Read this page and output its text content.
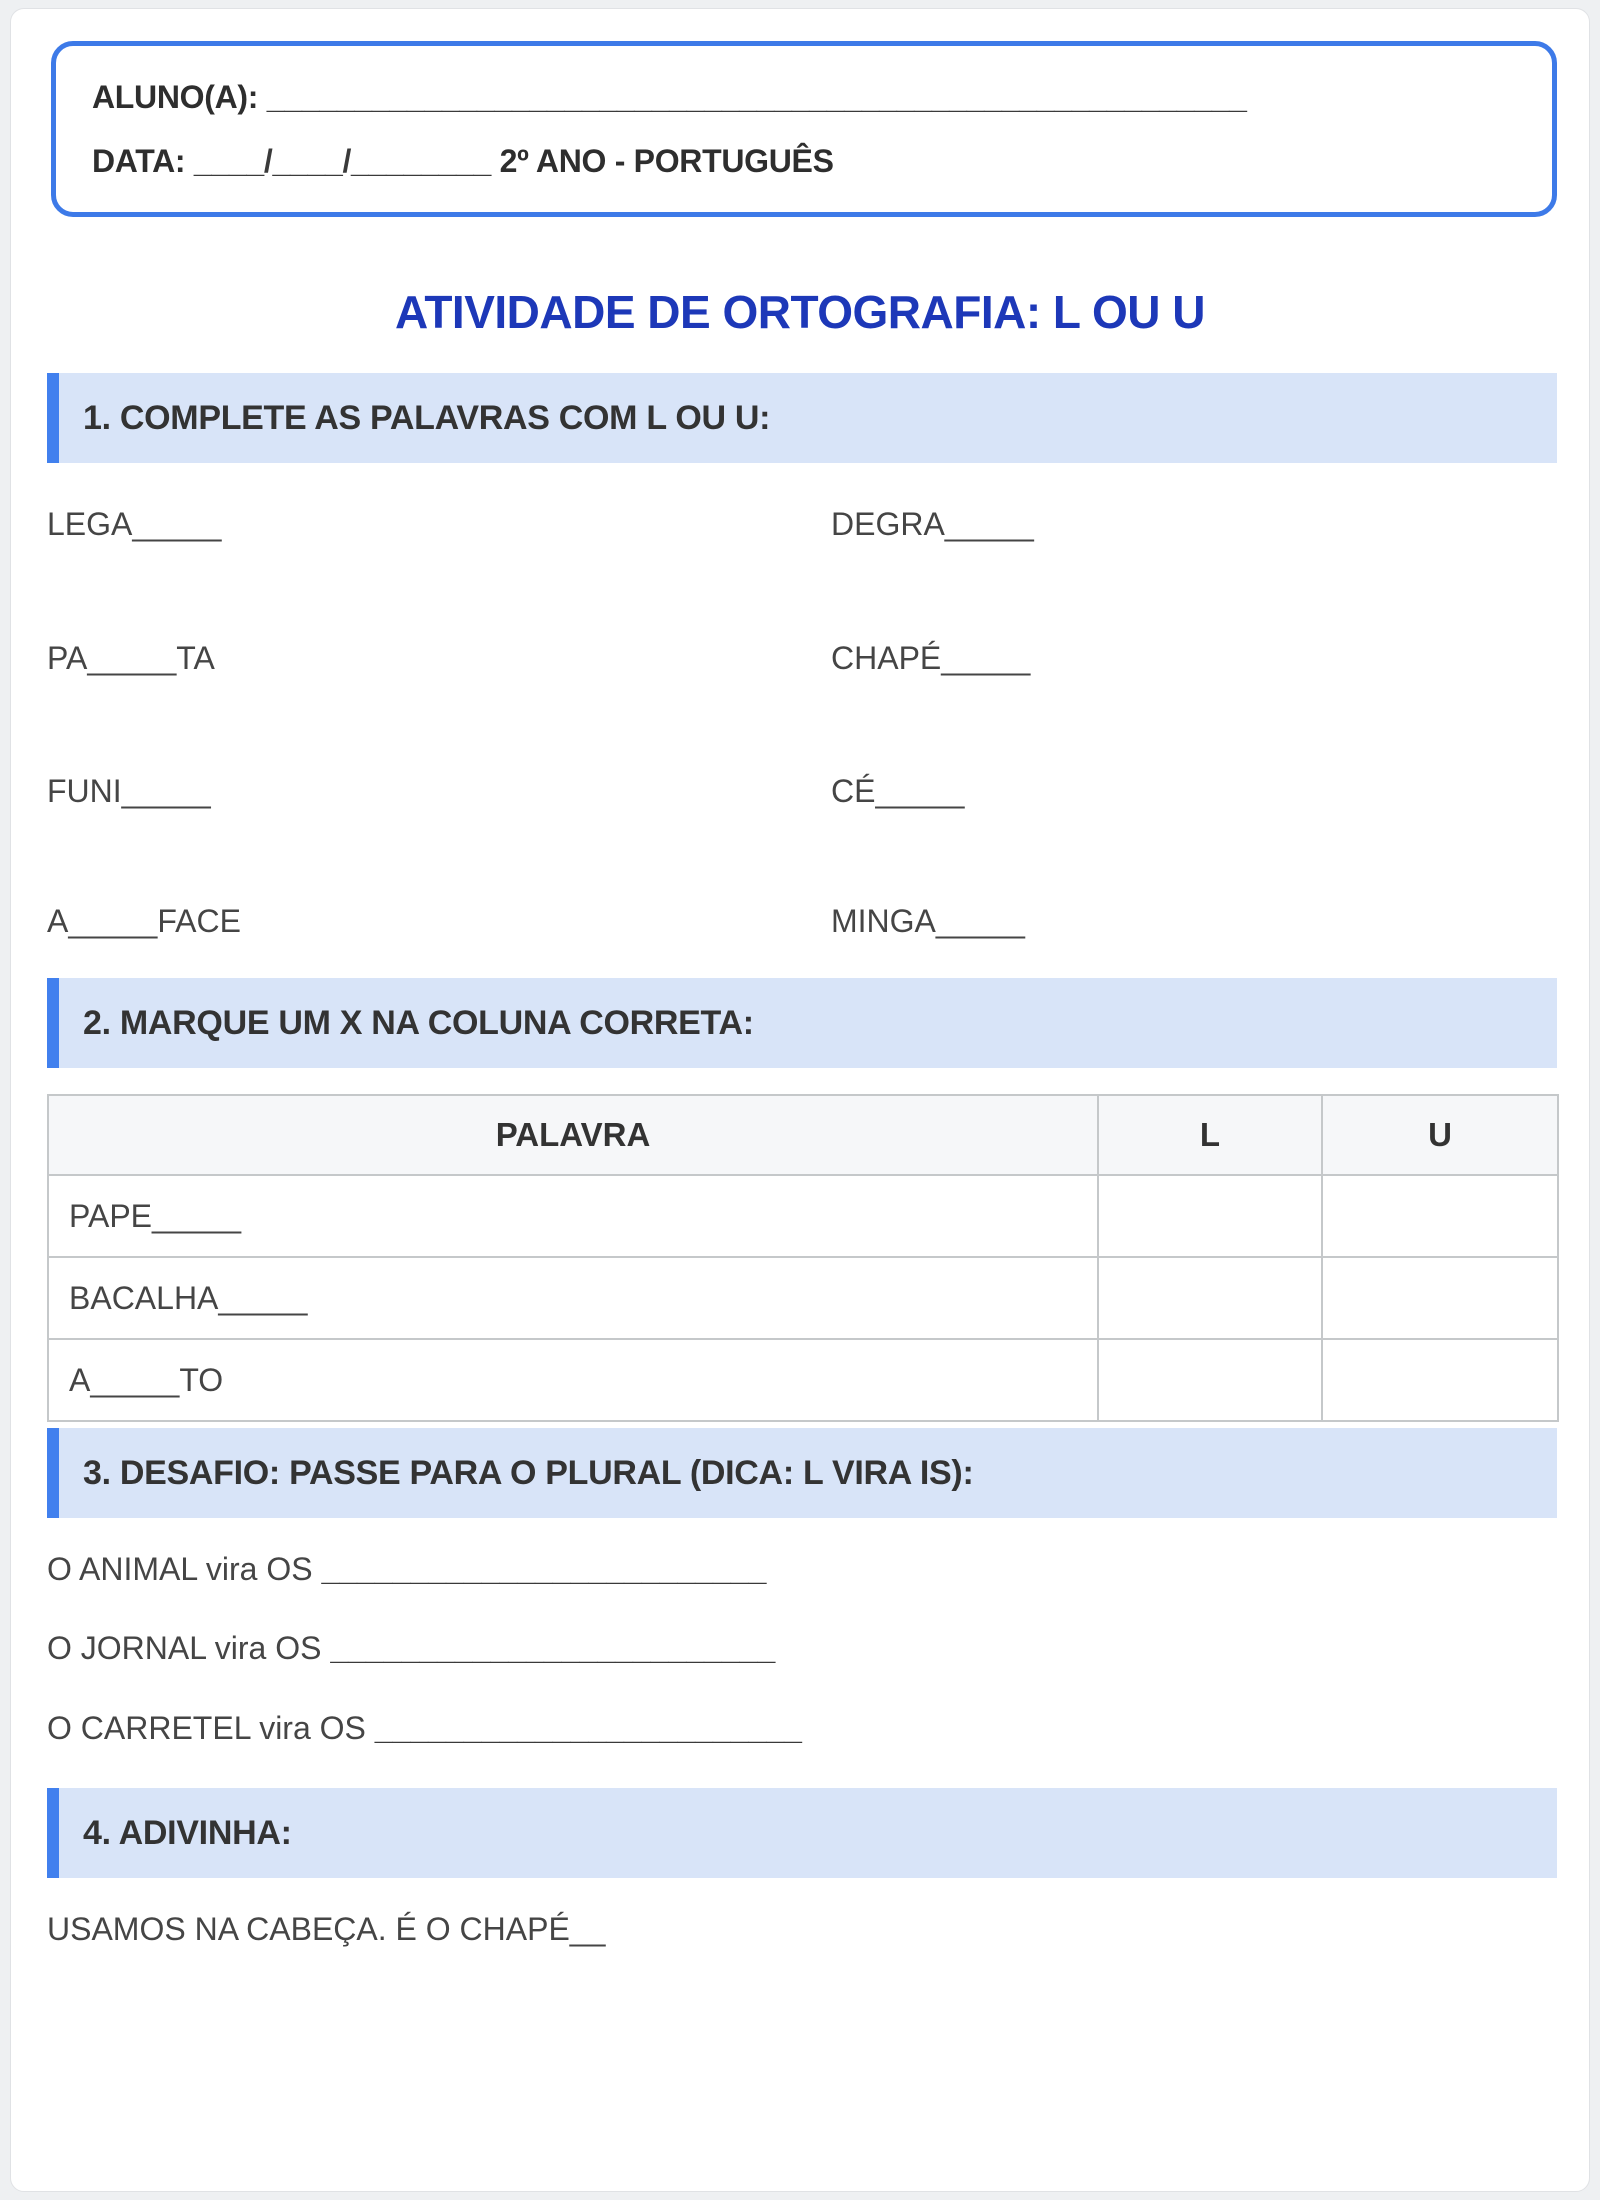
ALUNO(A): ________________________________________________________
DATA: ____/____/________ 2º ANO - PORTUGUÊS
ATIVIDADE DE ORTOGRAFIA: L OU U
1. COMPLETE AS PALAVRAS COM L OU U:
LEGA_____	DEGRA_____
PA_____TA	CHAPÉ_____
FUNI_____	CÉ_____
A_____FACE	MINGA_____
2. MARQUE UM X NA COLUNA CORRETA:
PALAVRA	L	U
PAPE_____		
BACALHA_____		
A_____TO		
3. DESAFIO: PASSE PARA O PLURAL (DICA: L VIRA IS):
O ANIMAL vira OS _________________________
O JORNAL vira OS _________________________
O CARRETEL vira OS ________________________
4. ADIVINHA:
USAMOS NA CABEÇA. É O CHAPÉ__
